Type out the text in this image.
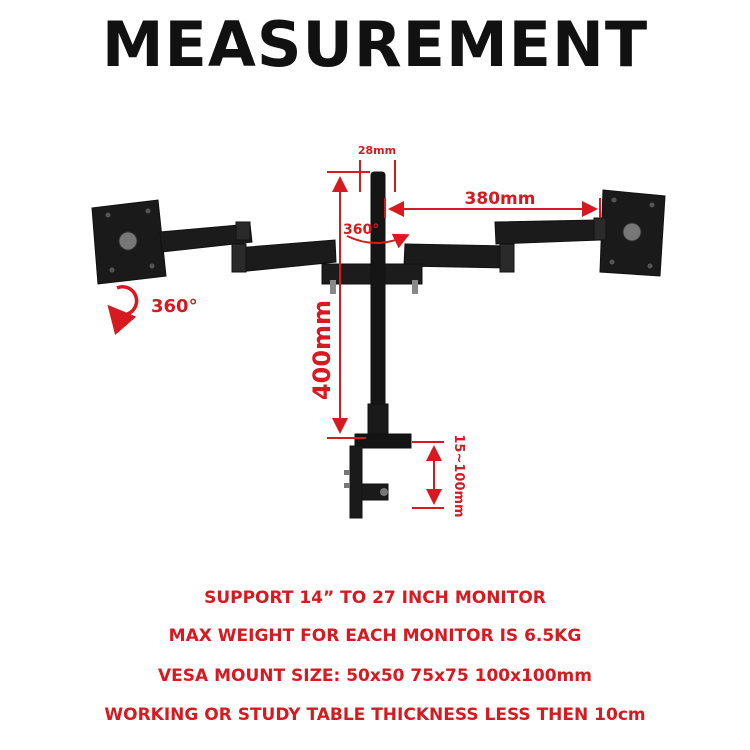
MEASUREMENT
28mm
380mm
360°
400mm
15~100mm
360°
SUPPORT 14” TO 27 INCH MONITOR
MAX WEIGHT FOR EACH MONITOR IS 6.5KG
VESA MOUNT SIZE: 50x50 75x75 100x100mm
WORKING OR STUDY TABLE THICKNESS LESS THEN 10cm
